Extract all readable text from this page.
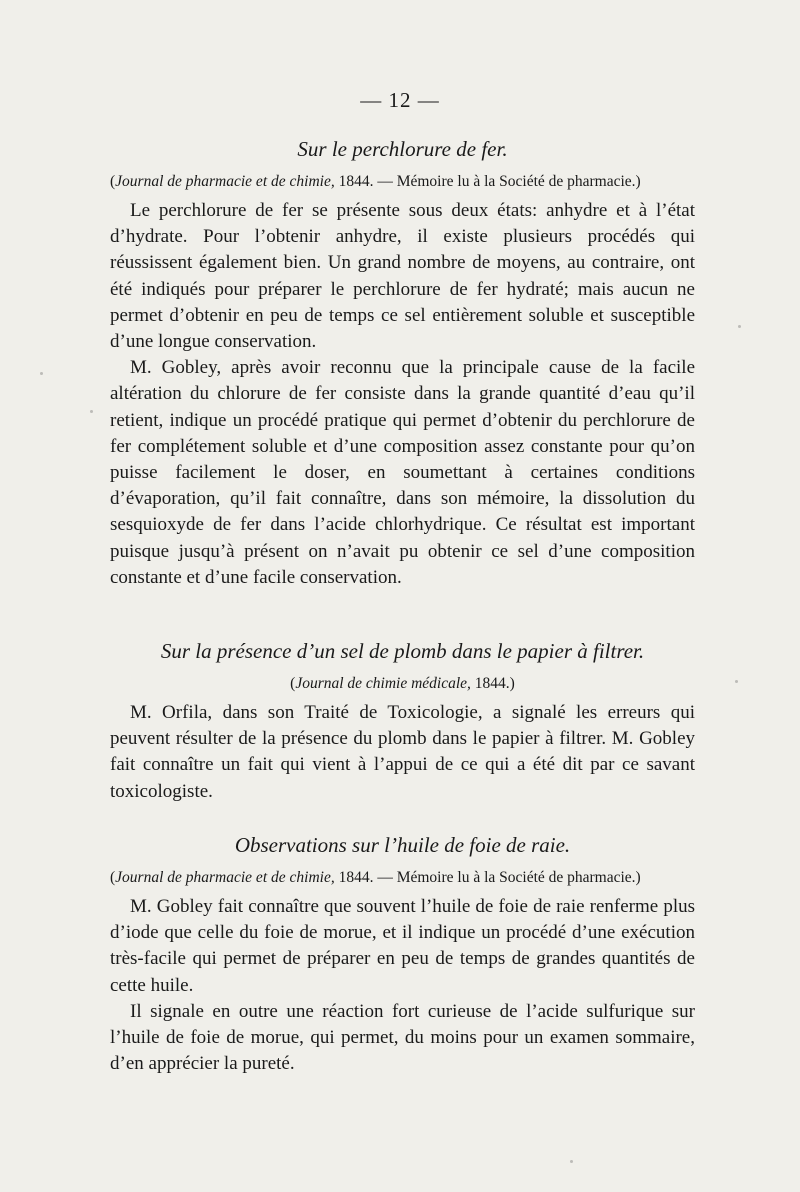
— 12 —
Sur le perchlorure de fer.
(Journal de pharmacie et de chimie, 1844. — Mémoire lu à la Société de pharmacie.)

Le perchlorure de fer se présente sous deux états: anhydre et à l’état d’hydrate. Pour l’obtenir anhydre, il existe plusieurs procédés qui réussissent également bien. Un grand nombre de moyens, au contraire, ont été indiqués pour préparer le perchlorure de fer hydraté; mais aucun ne permet d’obtenir en peu de temps ce sel entièrement soluble et susceptible d’une longue conservation.

M. Gobley, après avoir reconnu que la principale cause de la facile altération du chlorure de fer consiste dans la grande quantité d’eau qu’il retient, indique un procédé pratique qui permet d’obtenir du perchlorure de fer complétement soluble et d’une composition assez constante pour qu’on puisse facilement le doser, en soumettant à certaines conditions d’évaporation, qu’il fait connaître, dans son mémoire, la dissolution du sesquioxyde de fer dans l’acide chlorhydrique. Ce résultat est important puisque jusqu’à présent on n’avait pu obtenir ce sel d’une composition constante et d’une facile conservation.

Sur la présence d’un sel de plomb dans le papier à filtrer.
(Journal de chimie médicale, 1844.)

M. Orfila, dans son Traité de Toxicologie, a signalé les erreurs qui peuvent résulter de la présence du plomb dans le papier à filtrer. M. Gobley fait connaître un fait qui vient à l’appui de ce qui a été dit par ce savant toxicologiste.

Observations sur l’huile de foie de raie.
(Journal de pharmacie et de chimie, 1844. — Mémoire lu à la Société de pharmacie.)

M. Gobley fait connaître que souvent l’huile de foie de raie renferme plus d’iode que celle du foie de morue, et il indique un procédé d’une exécution très-facile qui permet de préparer en peu de temps de grandes quantités de cette huile.

Il signale en outre une réaction fort curieuse de l’acide sulfurique sur l’huile de foie de morue, qui permet, du moins pour un examen sommaire, d’en apprécier la pureté.
